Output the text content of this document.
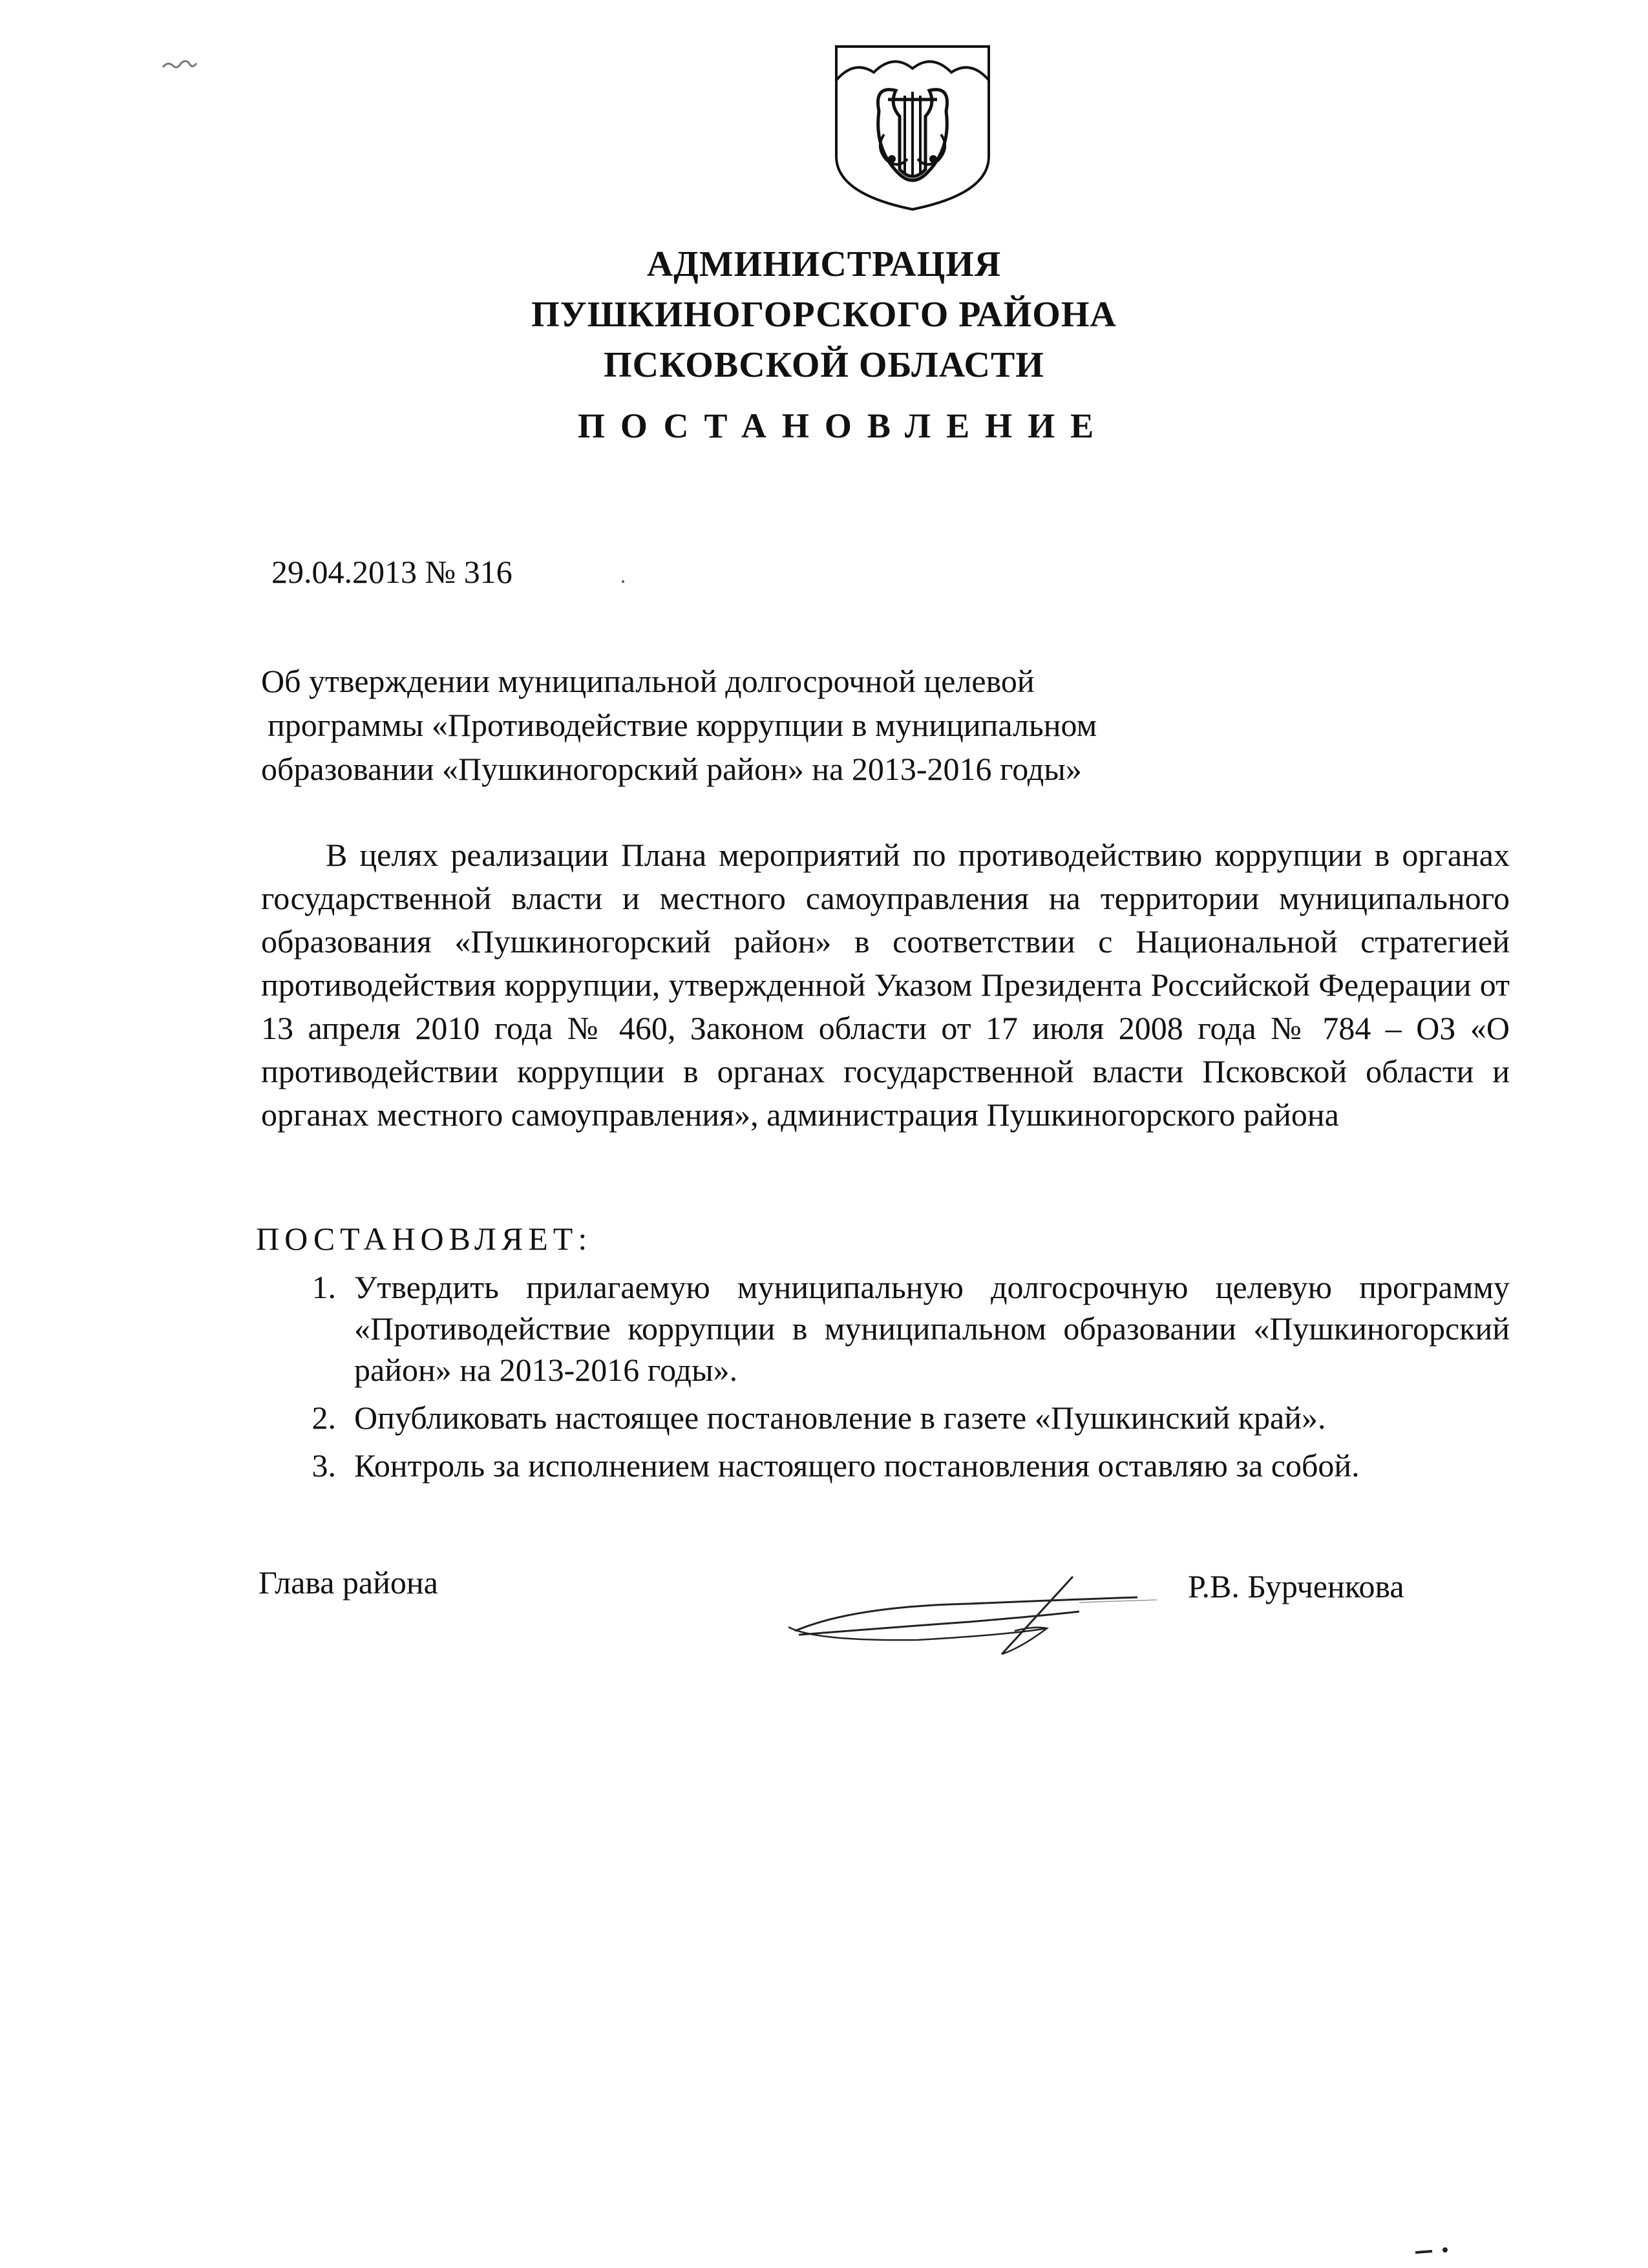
АДМИНИСТРАЦИЯ
ПУШКИНОГОРСКОГО РАЙОНА
ПСКОВСКОЙ ОБЛАСТИ
ПОСТАНОВЛЕНИЕ
29.04.2013 № 316
Об утверждении муниципальной долгосрочной целевой
программы «Противодействие коррупции в муниципальном
образовании «Пушкиногорский район» на 2013-2016 годы»
В целях реализации Плана мероприятий по противодействию коррупции в органах государственной власти и местного самоуправления на территории муниципального образования «Пушкиногорский район» в соответствии с Национальной стратегией противодействия коррупции, утвержденной Указом Президента Российской Федерации от 13 апреля 2010 года № 460, Законом области от 17 июля 2008 года № 784 – ОЗ «О противодействии коррупции в органах государственной власти Псковской области и органах местного самоуправления», администрация Пушкиногорского района
ПОСТАНОВЛЯЕТ:
1. Утвердить прилагаемую муниципальную долгосрочную целевую программу «Противодействие коррупции в муниципальном образовании «Пушкиногорский район» на 2013-2016 годы».
2. Опубликовать настоящее постановление в газете «Пушкинский край».
3. Контроль за исполнением настоящего постановления оставляю за собой.
Глава района	Р.В. Бурченкова
